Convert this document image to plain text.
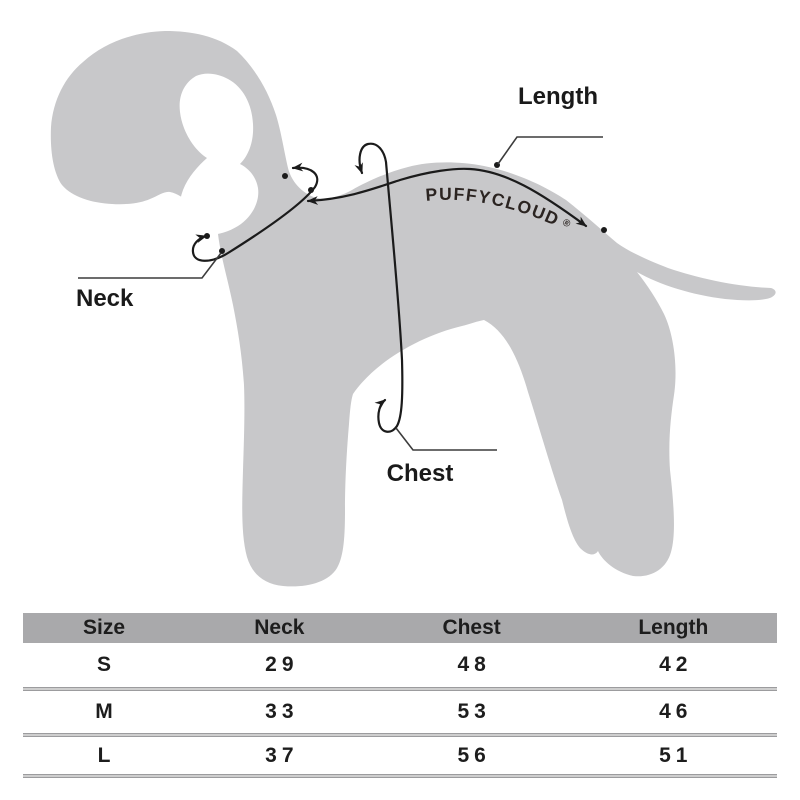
PUFFYCLOUD®
Length
Neck
Chest
Size	Neck	Chest	Length
S	29	48	42
M	33	53	46
L	37	56	51
